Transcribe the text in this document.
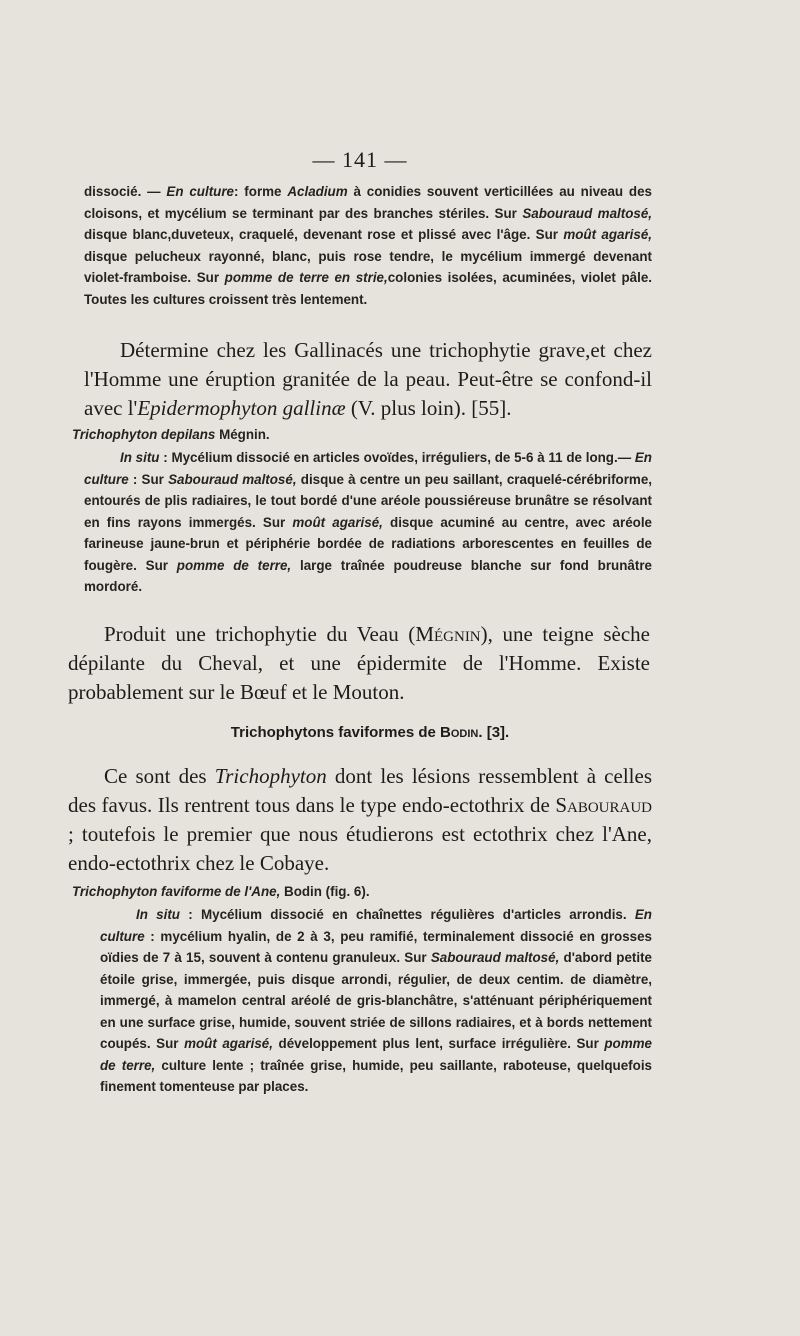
— 141 —
dissocié. — En culture: forme Acladium à conidies souvent verticillées au niveau des cloisons, et mycélium se terminant par des branches stériles. Sur Sabouraud maltosé, disque blanc,duveteux, craquelé, devenant rose et plissé avec l'âge. Sur moût agarisé, disque pelucheux rayonné, blanc, puis rose tendre, le mycélium immergé devenant violet-framboise. Sur pomme de terre en strie,colonies isolées, acuminées, violet pâle. Toutes les cultures croissent très lentement.
Détermine chez les Gallinacés une trichophytie grave,et chez l'Homme une éruption granitée de la peau. Peut-être se confond-il avec l'Epidermophyton gallinæ (V. plus loin). [55].
Trichophyton depilans Mégnin.
In situ : Mycélium dissocié en articles ovoïdes, irréguliers, de 5-6 à 11 de long.— En culture : Sur Sabouraud maltosé, disque à centre un peu saillant, craquelé-cérébriforme, entourés de plis radiaires, le tout bordé d'une aréole poussiéreuse brunâtre se résolvant en fins rayons immergés. Sur moût agarisé, disque acuminé au centre, avec aréole farineuse jaune-brun et périphérie bordée de radiations arborescentes en feuilles de fougère. Sur pomme de terre, large traînée poudreuse blanche sur fond brunâtre mordoré.
Produit une trichophytie du Veau (Mégnin), une teigne sèche dépilante du Cheval, et une épidermite de l'Homme. Existe probablement sur le Bœuf et le Mouton.
Trichophytons faviformes de Bodin. [3].
Ce sont des Trichophyton dont les lésions ressemblent à celles des favus. Ils rentrent tous dans le type endo-ectothrix de Sabouraud ; toutefois le premier que nous étudierons est ectothrix chez l'Ane, endo-ectothrix chez le Cobaye.
Trichophyton faviforme de l'Ane, Bodin (fig. 6).
In situ : Mycélium dissocié en chaînettes régulières d'articles arrondis. En culture : mycélium hyalin, de 2 à 3, peu ramifié, terminalement dissocié en grosses oïdies de 7 à 15, souvent à contenu granuleux. Sur Sabouraud maltosé, d'abord petite étoile grise, immergée, puis disque arrondi, régulier, de deux centim. de diamètre, immergé, à mamelon central aréolé de gris-blanchâtre, s'atténuant périphériquement en une surface grise, humide, souvent striée de sillons radiaires, et à bords nettement coupés. Sur moût agarisé, développement plus lent, surface irrégulière. Sur pomme de terre, culture lente ; traînée grise, humide, peu saillante, raboteuse, quelquefois finement tomenteuse par places.
